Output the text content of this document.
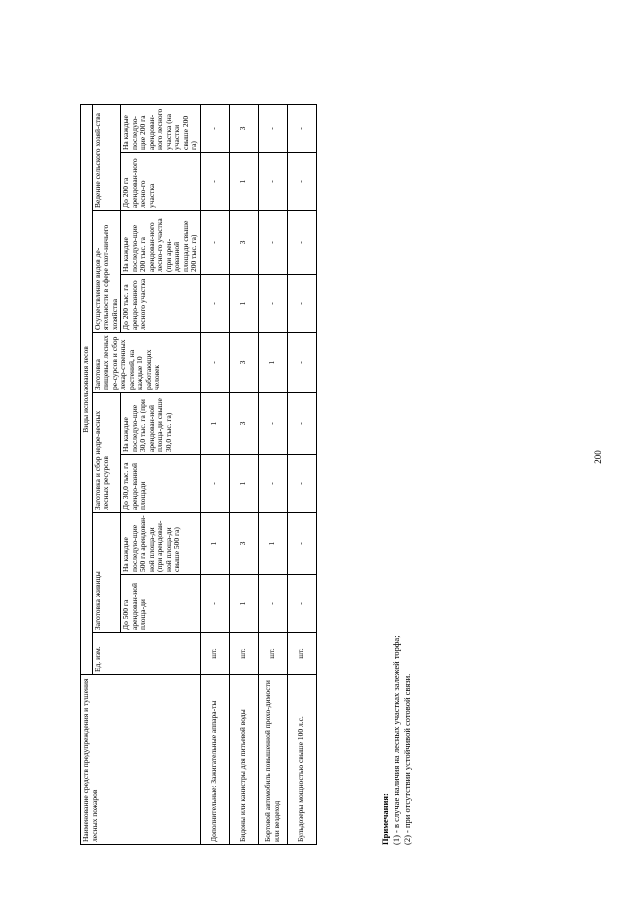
Наименование средств предупреждения и тушения лесных пожаров	Виды использования лесов									
	Ед. изм.	Заготовка живицы		Заготовка и сбор недре-весных лесных ресурсов		Заготовка пищевых лесных ре-сурсов и сбор лекар-ственных растений, на каждые 10 работающих человек	Осуществление видов де-ятельности в сфере охот-ничьего хозяйства		Ведение сельского хозяй-ства	
		До 500 га арендован-ной площа-ди	На каждые последую-щие 500 га арендован-ной площа-ди (при арендован-ной площа-ди свыше 500 га)	До 30,0 тыс. га арендо-ванной площади	На каждые последую-щие 30,0 тыс. га (при арендован-ной площа-ди свыше 30,0 тыс. га)		До 200 тыс. га арендо-ванного лесного участка	На каждые последую-щие 200 тыс. га арендован-ного лесно-го участка (при арен-дованной площади свыше 200 тыс. га)	До 200 га арендован-ного лесно-го участка	На каждые последую-щие 200 га арендован-ного лесного участка (на участки свыше 200 га)
Дополнительные: Зажигательные аппара-ты	шт.	-	1	-	1	-	-	-	-	-
Бидоны или канистры для питьевой воды	шт.	1	3	1	3	3	1	3	1	3
Бортовой автомобиль повышенной прохо-димости или вездеход	шт.	-	1	-	-	1	-	-	-	-
Бульдозеры мощностью свыше 100 л.с.	шт.	-	-	-	-	-	-	-	-	-
Примечания: (1) - в случае наличия на лесных участках залежей торфа; (2) - при отсутствии устойчивой сотовой связи.
200
